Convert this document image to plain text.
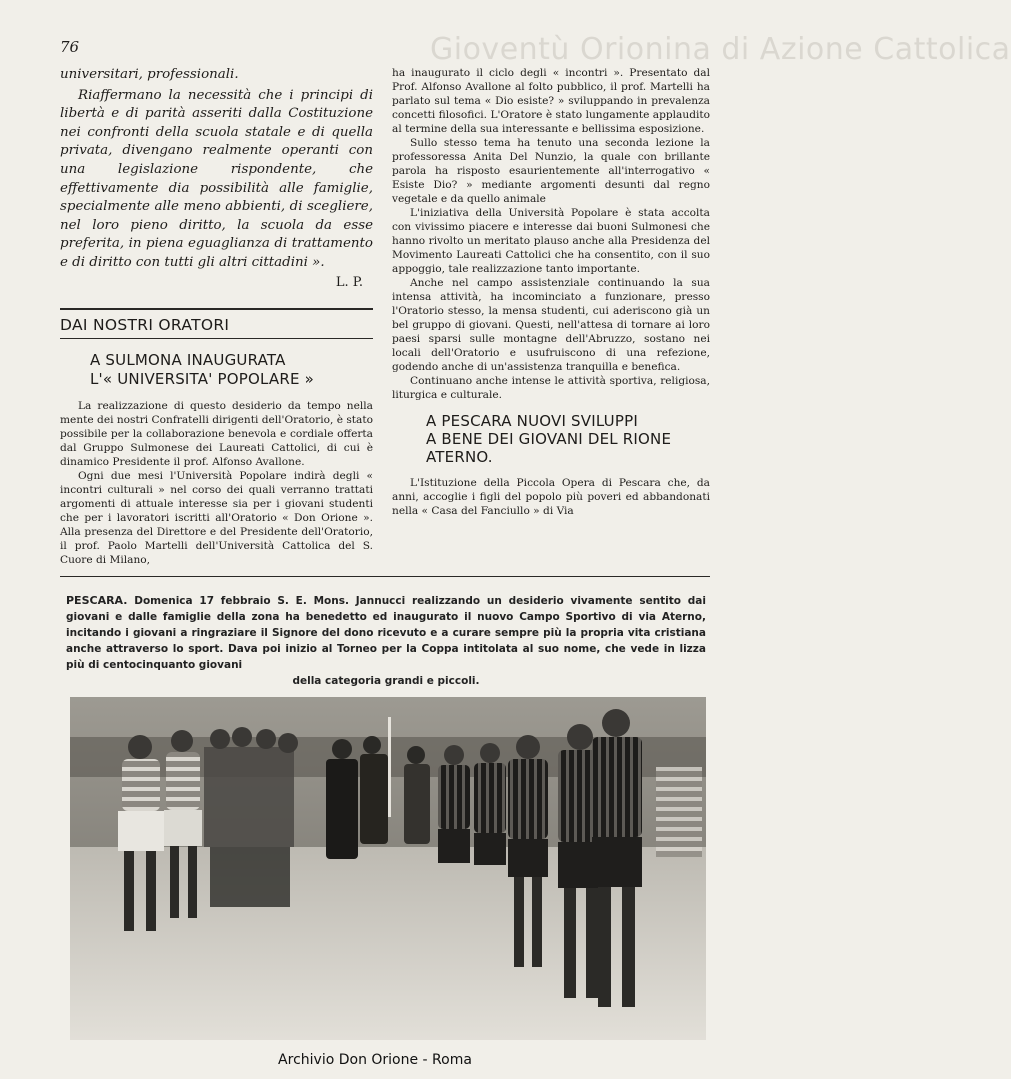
76	Gioventù Orionina di Azione Cattolica

universitari, professionali.

Riaffermano la necessità che i principi di libertà e di parità asseriti dalla Costituzione nei confronti della scuola statale e di quella privata, divengano realmente operanti con una legislazione rispondente, che effettivamente dia possibilità alle famiglie, specialmente alle meno abbienti, di scegliere, nel loro pieno diritto, la scuola da esse preferita, in piena eguaglianza di trattamento e di diritto con tutti gli altri cittadini ».

L. P.
DAI NOSTRI ORATORI
A SULMONA INAUGURATA
L'« UNIVERSITA' POPOLARE »

La realizzazione di questo desiderio da tempo nella mente dei nostri Confratelli dirigenti dell'Oratorio, è stato possibile per la collaborazione benevola e cordiale offerta dal Gruppo Sulmonese dei Laureati Cattolici, di cui è dinamico Presidente il prof. Alfonso Avallone.

Ogni due mesi l'Università Popolare indirà degli « incontri culturali » nel corso dei quali verranno trattati argomenti di attuale interesse sia per i giovani studenti che per i lavoratori iscritti all'Oratorio « Don Orione ». Alla presenza del Direttore e del Presidente dell'Oratorio, il prof. Paolo Martelli dell'Università Cattolica del S. Cuore di Milano,

ha inaugurato il ciclo degli « incontri ». Presentato dal Prof. Alfonso Avallone al folto pubblico, il prof. Martelli ha parlato sul tema « Dio esiste? » sviluppando in prevalenza concetti filosofici. L'Oratore è stato lungamente applaudito al termine della sua interessante e bellissima esposizione.

Sullo stesso tema ha tenuto una seconda lezione la professoressa Anita Del Nunzio, la quale con brillante parola ha risposto esaurientemente all'interrogativo « Esiste Dio? » mediante argomenti desunti dal regno vegetale e da quello animale

L'iniziativa della Università Popolare è stata accolta con vivissimo piacere e interesse dai buoni Sulmonesi che hanno rivolto un meritato plauso anche alla Presidenza del Movimento Laureati Cattolici che ha consentito, con il suo appoggio, tale realizzazione tanto importante.

Anche nel campo assistenziale continuando la sua intensa attività, ha incominciato a funzionare, presso l'Oratorio stesso, la mensa studenti, cui aderiscono già un bel gruppo di giovani. Questi, nell'attesa di tornare ai loro paesi sparsi sulle montagne dell'Abruzzo, sostano nei locali dell'Oratorio e usufruiscono di una refezione, godendo anche di un'assistenza tranquilla e benefica.

Continuano anche intense le attività sportiva, religiosa, liturgica e culturale.

A PESCARA NUOVI SVILUPPI
A BENE DEI GIOVANI DEL RIONE
ATERNO.

L'Istituzione della Piccola Opera di Pescara che, da anni, accoglie i figli del popolo più poveri ed abbandonati nella « Casa del Fanciullo » di Via

PESCARA. Domenica 17 febbraio S. E. Mons. Jannucci realizzando un desiderio vivamente sentito dai giovani e dalle famiglie della zona ha benedetto ed inaugurato il nuovo Campo Sportivo di via Aterno, incitando i giovani a ringraziare il Signore del dono ricevuto e a curare sempre più la propria vita cristiana anche attraverso lo sport. Dava poi inizio al Torneo per la Coppa intitolata al suo nome, che vede in lizza più di centocinquanto giovani
della categoria grandi e piccoli.
Archivio Don Orione - Roma
